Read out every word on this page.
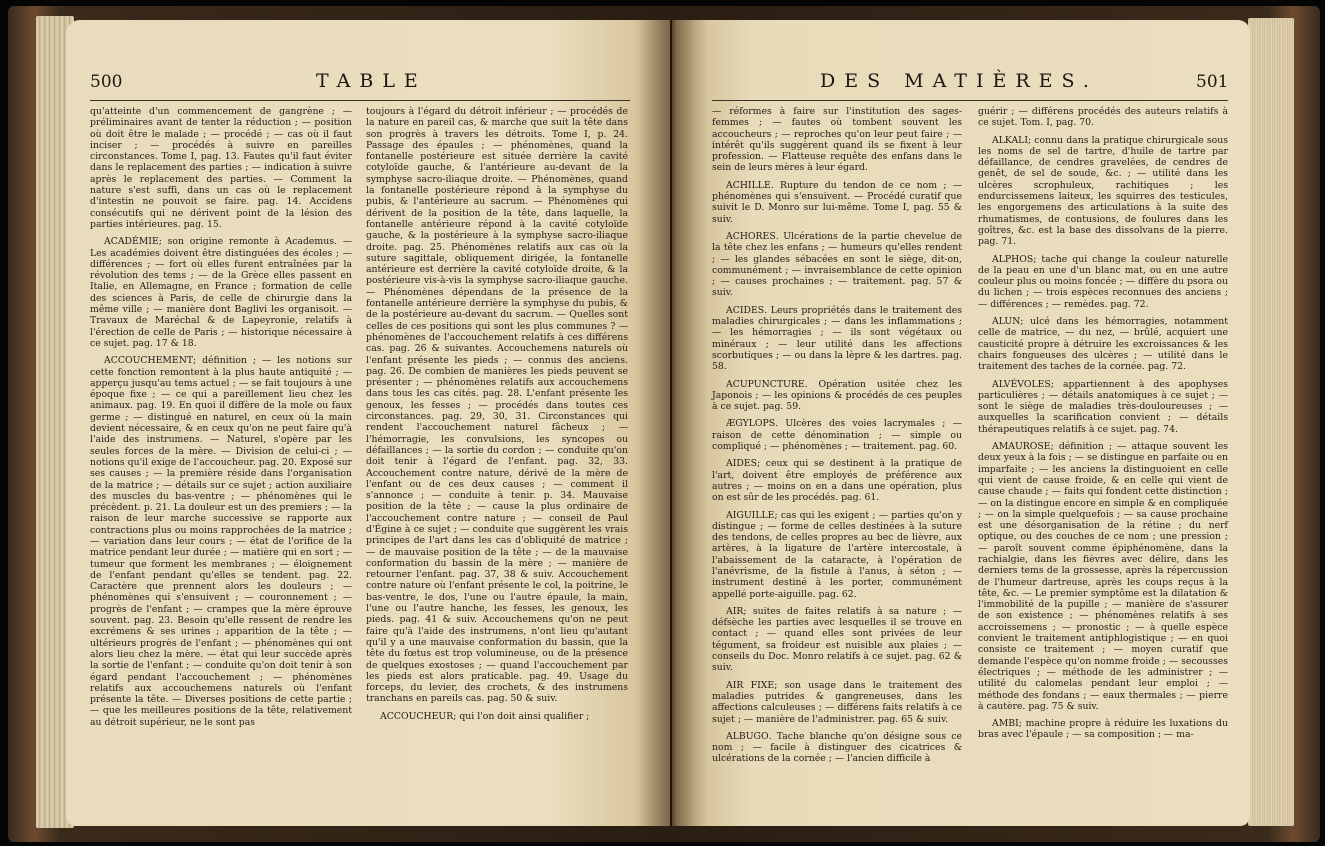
500	TABLE

qu'atteinte d'un commencement de gangrène ; — préliminaires avant de tenter la réduction ; — position où doit être le malade ; — procédé ; — cas où il faut inciser ; — procédés à suivre en pareilles circonstances. Tome I, pag. 13. Fautes qu'il faut éviter dans le replacement des parties ; — indication à suivre après le replacement des parties. — Comment la nature s'est suffi, dans un cas où le replacement d'intestin ne pouvoit se faire. pag. 14. Accidens consécutifs qui ne dérivent point de la lésion des parties intérieures. pag. 15.

ACADÉMIE; son origine remonte à Academus. — Les académies doivent être distinguées des écoles ; — différences ; — fort où elles furent entraînées par la révolution des tems ; — de la Grèce elles passent en Italie, en Allemagne, en France ; formation de celle des sciences à Paris, de celle de chirurgie dans la même ville ; — manière dont Baglivi les organisoit. — Travaux de Maréchal & de Lapeyronie, relatifs à l'érection de celle de Paris ; — historique nécessaire à ce sujet. pag. 17 & 18.

ACCOUCHEMENT; définition ; — les notions sur cette fonction remontent à la plus haute antiquité ; — apperçu jusqu'au tems actuel ; — se fait toujours à une époque fixe ; — ce qui a pareillement lieu chez les animaux. pag. 19. En quoi il diffère de la mole ou faux germe ; — distingué en naturel, en ceux où la main devient nécessaire, & en ceux qu'on ne peut faire qu'à l'aide des instrumens. — Naturel, s'opère par les seules forces de la mère. — Division de celui-ci ; — notions qu'il exige de l'accoucheur. pag. 20. Exposé sur ses causes ; — la première réside dans l'organisation de la matrice ; — détails sur ce sujet ; action auxiliaire des muscles du bas-ventre ; — phénomènes qui le précèdent. p. 21. La douleur est un des premiers ; — la raison de leur marche successive se rapporte aux contractions plus ou moins rapprochées de la matrice ; — variation dans leur cours ; — état de l'orifice de la matrice pendant leur durée ; — matière qui en sort ; — tumeur que forment les membranes ; — éloignement de l'enfant pendant qu'elles se tendent. pag. 22. Caractère que prennent alors les douleurs ; — phénomènes qui s'ensuivent ; — couronnement ; — progrès de l'enfant ; — crampes que la mère éprouve souvent. pag. 23. Besoin qu'elle ressent de rendre les excrémens & ses urines ; apparition de la tête ; — ultérieurs progrès de l'enfant ; — phénomènes qui ont alors lieu chez la mère. — état qui leur succède après la sortie de l'enfant ; — conduite qu'on doit tenir à son égard pendant l'accouchement ; — phénomènes relatifs aux accouchemens naturels où l'enfant présente la tête. — Diverses positions de cette partie ; — que les meilleures positions de la tête, relativement au détroit supérieur, ne le sont pas

toujours à l'égard du détroit inférieur ; — procédés de la nature en pareil cas, & marche que suit la tête dans son progrès à travers les détroits. Tome I, p. 24. Passage des épaules ; — phénomènes, quand la fontanelle postérieure est située derrière la cavité cotyloïde gauche, & l'antérieure au-devant de la symphyse sacro-iliaque droite. — Phénomènes, quand la fontanelle postérieure répond à la symphyse du pubis, & l'antérieure au sacrum. — Phénomènes qui dérivent de la position de la tête, dans laquelle, la fontanelle antérieure répond à la cavité cotyloïde gauche, & la postérieure à la symphyse sacro-iliaque droite. pag. 25. Phénomènes relatifs aux cas où la suture sagittale, obliquement dirigée, la fontanelle antérieure est derrière la cavité cotyloïde droite, & la postérieure vis-à-vis la symphyse sacro-iliaque gauche. — Phénomènes dépendans de la présence de la fontanelle antérieure derrière la symphyse du pubis, & de la postérieure au-devant du sacrum. — Quelles sont celles de ces positions qui sont les plus communes ? — phénomènes de l'accouchement relatifs à ces différens cas. pag. 26 & suivantes. Accouchemens naturels où l'enfant présente les pieds ; — connus des anciens. pag. 26. De combien de manières les pieds peuvent se présenter ; — phénomènes relatifs aux accouchemens dans tous les cas cités. pag. 28. L'enfant présente les genoux, les fesses ; — procédés dans toutes ces circonstances. pag. 29, 30, 31. Circonstances qui rendent l'accouchement naturel fâcheux ; — l'hémorragie, les convulsions, les syncopes ou défaillances ; — la sortie du cordon ; — conduite qu'on doit tenir à l'égard de l'enfant. pag. 32, 33. Accouchement contre nature, dérivé de la mère de l'enfant ou de ces deux causes ; — comment il s'annonce ; — conduite à tenir. p. 34. Mauvaise position de la tête ; — cause la plus ordinaire de l'accouchement contre nature ; — conseil de Paul d'Égine à ce sujet ; — conduite que suggèrent les vrais principes de l'art dans les cas d'obliquité de matrice ; — de mauvaise position de la tête ; — de la mauvaise conformation du bassin de la mère ; — manière de retourner l'enfant. pag. 37, 38 & suiv. Accouchement contre nature où l'enfant présente le col, la poitrine, le bas-ventre, le dos, l'une ou l'autre épaule, la main, l'une ou l'autre hanche, les fesses, les genoux, les pieds. pag. 41 & suiv. Accouchemens qu'on ne peut faire qu'à l'aide des instrumens, n'ont lieu qu'autant qu'il y a une mauvaise conformation du bassin, que la tête du fœtus est trop volumineuse, ou de la présence de quelques exostoses ; — quand l'accouchement par les pieds est alors praticable. pag. 49. Usage du forceps, du levier, des crochets, & des instrumens tranchans en pareils cas. pag. 50 & suiv.

ACCOUCHEUR; qui l'on doit ainsi qualifier ;

DES MATIÈRES.	501

— réformes à faire sur l'institution des sages-femmes ; — fautes où tombent souvent les accoucheurs ; — reproches qu'on leur peut faire ; — intérêt qu'ils suggèrent quand ils se fixent à leur profession. — Flatteuse requête des enfans dans le sein de leurs mères à leur égard.

ACHILLE. Rupture du tendon de ce nom ; — phénomènes qui s'ensuivent. — Procédé curatif que suivit le D. Monro sur lui-même. Tome I, pag. 55 & suiv.

ACHORES. Ulcérations de la partie chevelue de la tête chez les enfans ; — humeurs qu'elles rendent ; — les glandes sébacées en sont le siège, dit-on, communément ; — invraisemblance de cette opinion ; — causes prochaines ; — traitement. pag. 57 & suiv.

ACIDES. Leurs propriétés dans le traitement des maladies chirurgicales ; — dans les inflammations ; — les hémorragies ; — ils sont végétaux ou minéraux ; — leur utilité dans les affections scorbutiques ; — ou dans la lèpre & les dartres. pag. 58.

ACUPUNCTURE. Opération usitée chez les Japonois ; — les opinions & procédés de ces peuples à ce sujet. pag. 59.

ÆGYLOPS. Ulcères des voies lacrymales ; — raison de cette dénomination ; — simple ou compliqué ; — phénomènes ; — traitement. pag. 60.

AIDES; ceux qui se destinent à la pratique de l'art, doivent être employés de préférence aux autres ; — moins on en a dans une opération, plus on est sûr de les procédés. pag. 61.

AIGUILLE; cas qui les exigent ; — parties qu'on y distingue ; — forme de celles destinées à la suture des tendons, de celles propres au bec de lièvre, aux artères, à la ligature de l'artère intercostale, à l'abaissement de la cataracte, à l'opération de l'anévrisme, de la fistule à l'anus, à séton ; — instrument destiné à les porter, communément appellé porte-aiguille. pag. 62.

AIR; suites de faites relatifs à sa nature ; — défsèche les parties avec lesquelles il se trouve en contact ; — quand elles sont privées de leur tégument, sa froideur est nuisible aux plaies ; — conseils du Doc. Monro relatifs à ce sujet. pag. 62 & suiv.

AIR FIXE; son usage dans le traitement des maladies putrides & gangreneuses, dans les affections calculeuses ; — différens faits relatifs à ce sujet ; — manière de l'administrer. pag. 65 & suiv.

ALBUGO. Tache blanche qu'on désigne sous ce nom ; — facile à distinguer des cicatrices & ulcérations de la cornée ; — l'ancien difficile à

guérir ; — différens procédés des auteurs relatifs à ce sujet. Tom. I, pag. 70.

ALKALI; connu dans la pratique chirurgicale sous les noms de sel de tartre, d'huile de tartre par défaillance, de cendres gravelées, de cendres de genêt, de sel de soude, &c. ; — utilité dans les ulcères scrophuleux, rachitiques ; les endurcissemens laiteux, les squirres des testicules, les engorgemens des articulations à la suite des rhumatismes, de contusions, de foulures dans les goîtres, &c. est la base des dissolvans de la pierre. pag. 71.

ALPHOS; tache qui change la couleur naturelle de la peau en une d'un blanc mat, ou en une autre couleur plus ou moins foncée ; — diffère du psora ou du lichen ; — trois espèces reconnues des anciens ; — différences ; — remèdes. pag. 72.

ALUN; ulcé dans les hémorragies, notamment celle de matrice, — du nez, — brûlé, acquiert une causticité propre à détruire les excroissances & les chairs fongueuses des ulcères ; — utilité dans le traitement des taches de la cornée. pag. 72.

ALVÉVOLES; appartiennent à des apophyses particulières ; — détails anatomiques à ce sujet ; — sont le siège de maladies très-douloureuses ; — auxquelles la scarification convient ; — détails thérapeutiques relatifs à ce sujet. pag. 74.

AMAUROSE; définition ; — attaque souvent les deux yeux à la fois ; — se distingue en parfaite ou en imparfaite ; — les anciens la distinguoient en celle qui vient de cause froide, & en celle qui vient de cause chaude ; — faits qui fondent cette distinction ; — on la distingue encore en simple & en compliquée ; — on la simple quelquefois ; — sa cause prochaine est une désorganisation de la rétine ; du nerf optique, ou des couches de ce nom ; une pression ; — paroît souvent comme épiphénomène, dans la rachialgie, dans les fièvres avec délire, dans les derniers tems de la grossesse, après la répercussion de l'humeur dartreuse, après les coups reçus à la tête, &c. — Le premier symptôme est la dilatation & l'immobilité de la pupille ; — manière de s'assurer de son existence ; — phénomènes relatifs à ses accroissemens ; — pronostic ; — à quelle espèce convient le traitement antiphlogistique ; — en quoi consiste ce traitement ; — moyen curatif que demande l'espèce qu'on nomme froide ; — secousses électriques ; — méthode de les administrer ; — utilité du calomelas pendant leur emploi ; — méthode des fondans ; — eaux thermales ; — pierre à cautère. pag. 75 & suiv.

AMBI; machine propre à réduire les luxations du bras avec l'épaule ; — sa composition ; — ma-
